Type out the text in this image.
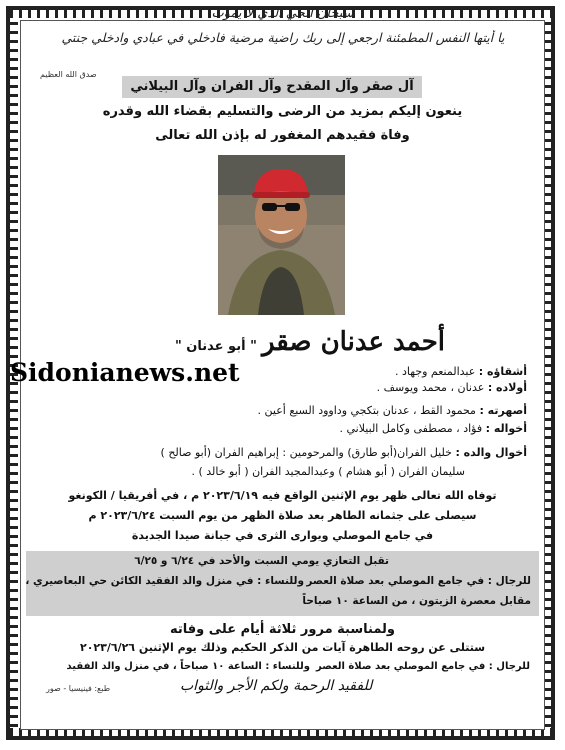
سبحان الحي الذي لا يموت
يا أيتها النفس المطمئنة ارجعي إلى ربك راضية مرضية فادخلي في عبادي وادخلي جنتي
صدق الله العظيم
آل صقر وآل المقدح وآل الفران وآل البيلاني
ينعون إليكم بمزيد من الرضى والتسليم بقضاء الله وقدره
وفاة فقيدهم المغفور له بإذن الله تعالى
أحمد عدنان صقر " أبو عدنان "
Sidonianews.net	أشقاؤه : عبدالمنعم وجهاد .
أولاده : عدنان ، محمد ويوسف .
أصهرته : محمود القط ، عدنان بتكجي وداوود السبع أعين .
أخواله : فؤاد ، مصطفى وكامل البيلاني .
أخوال والده : خليل الفران(أبو طارق) والمرحومين : إبراهيم الفران (أبو صالح )
سليمان الفران ( أبو هشام ) وعبدالمجيد الفران ( أبو خالد ) .
توفاه الله تعالى ظهر يوم الإثنين الواقع فيه ٢٠٢٣/٦/١٩ م ، في أفريقيا / الكونغو
سيصلى على جثمانه الطاهر بعد صلاة الظهر من يوم السبت ٢٠٢٣/٦/٢٤ م
في جامع الموصلي ويوارى الثرى في جبانة صيدا الجديدة
تقبل التعازي يومي السبت والأحد في ٦/٢٤ و ٦/٢٥
للرجال : في جامع الموصلي بعد صلاة العصر
وللنساء : في منزل والد الفقيد الكائن حي البعاصيري ،
مقابل معصرة الزيتون ، من الساعة ١٠ صباحاً
ولمناسبة مرور ثلاثة أيام على وفاته
ستتلى عن روحه الطاهرة آيات من الذكر الحكيم وذلك يوم الإثنين ٢٠٢٣/٦/٢٦
للرجال : في جامع الموصلي بعد صلاة العصر
وللنساء : الساعة ١٠ صباحاً ، في منزل والد الفقيد
للفقيد الرحمة ولكم الأجر والثواب
طبع: فينيسيا - صور
